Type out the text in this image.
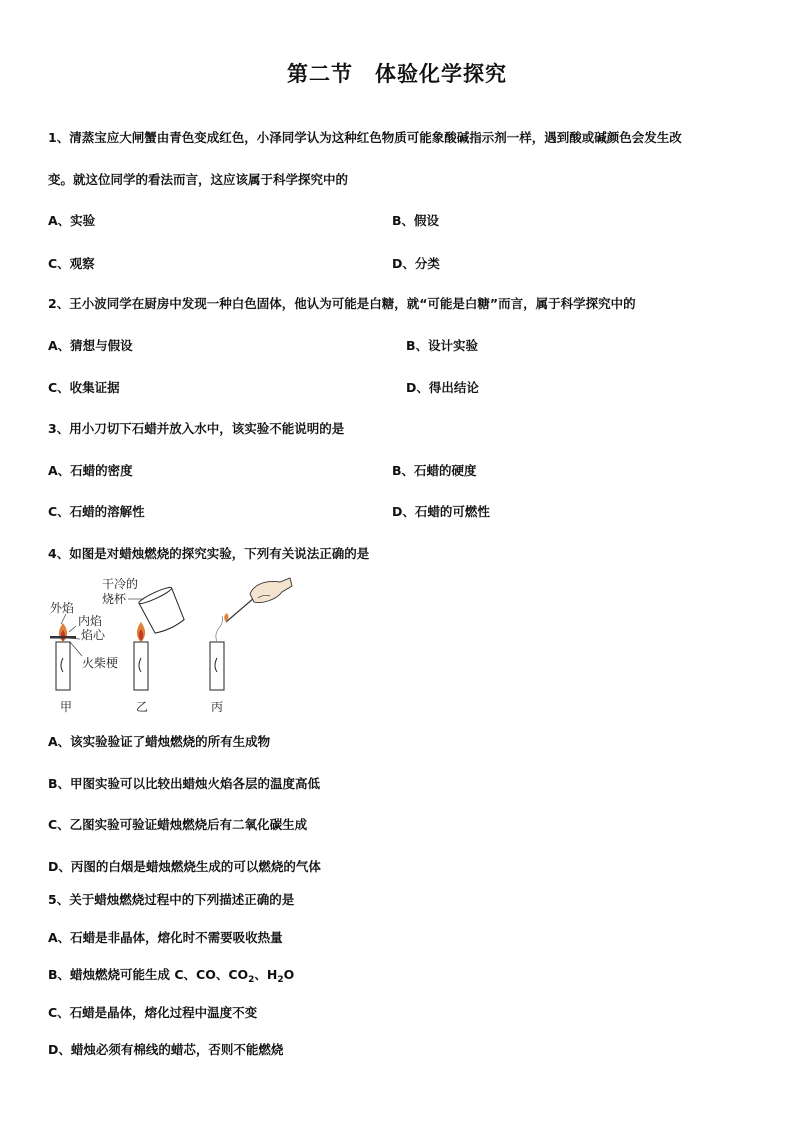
第二节 体验化学探究
1、清蒸宝应大闸蟹由青色变成红色，小泽同学认为这种红色物质可能象酸碱指示剂一样，遇到酸或碱颜色会发生改
变。就这位同学的看法而言，这应该属于科学探究中的
A、实验	B、假设
C、观察	D、分类
2、王小波同学在厨房中发现一种白色固体，他认为可能是白糖，就“可能是白糖”而言，属于科学探究中的
A、猜想与假设	B、设计实验
C、收集证据	D、得出结论
3、用小刀切下石蜡并放入水中，该实验不能说明的是
A、石蜡的密度	B、石蜡的硬度
C、石蜡的溶解性	D、石蜡的可燃性
4、如图是对蜡烛燃烧的探究实验，下列有关说法正确的是
外焰
内焰
焰心
火柴梗
甲
干冷的
烧杯
乙	丙
A、该实验验证了蜡烛燃烧的所有生成物
B、甲图实验可以比较出蜡烛火焰各层的温度高低
C、乙图实验可验证蜡烛燃烧后有二氧化碳生成
D、丙图的白烟是蜡烛燃烧生成的可以燃烧的气体
5、关于蜡烛燃烧过程中的下列描述正确的是
A、石蜡是非晶体，熔化时不需要吸收热量
B、蜡烛燃烧可能生成 C、CO、$CO_2$、$H_2O$
C、石蜡是晶体，熔化过程中温度不变
D、蜡烛必须有棉线的蜡芯，否则不能燃烧
